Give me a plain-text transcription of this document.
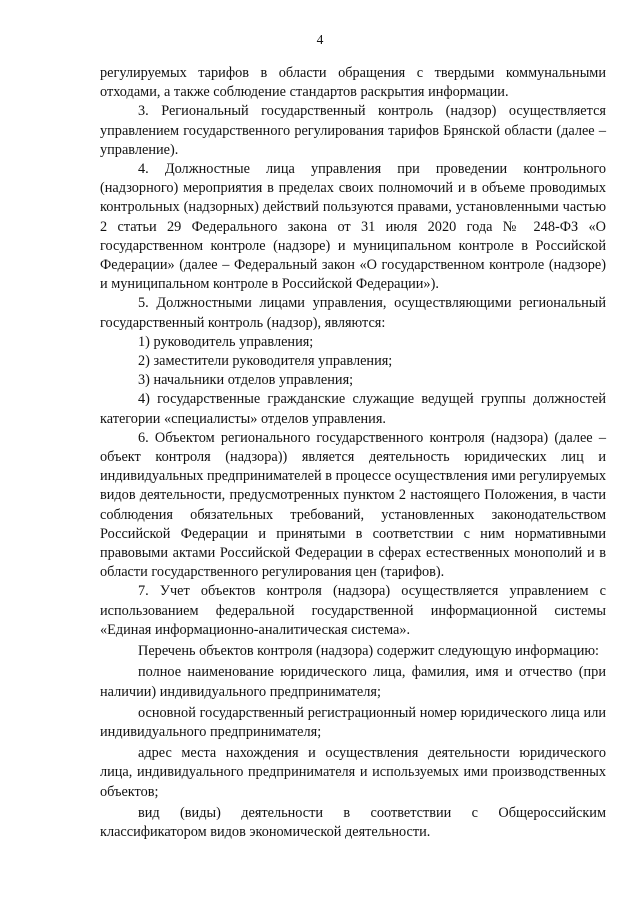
4

регулируемых тарифов в области обращения с твердыми коммунальными отходами, а также соблюдение стандартов раскрытия информации.

3. Региональный государственный контроль (надзор) осуществляется управлением государственного регулирования тарифов Брянской области (далее – управление).

4. Должностные лица управления при проведении контрольного (надзорного) мероприятия в пределах своих полномочий и в объеме проводимых контрольных (надзорных) действий пользуются правами, установленными частью 2 статьи 29 Федерального закона от 31 июля 2020 года № 248-ФЗ «О государственном контроле (надзоре) и муниципальном контроле в Российской Федерации» (далее – Федеральный закон «О государственном контроле (надзоре) и муниципальном контроле в Российской Федерации»).

5. Должностными лицами управления, осуществляющими региональный государственный контроль (надзор), являются:

1) руководитель управления;

2) заместители руководителя управления;

3) начальники отделов управления;

4) государственные гражданские служащие ведущей группы должностей категории «специалисты» отделов управления.

6. Объектом регионального государственного контроля (надзора) (далее – объект контроля (надзора)) является деятельность юридических лиц и индивидуальных предпринимателей в процессе осуществления ими регулируемых видов деятельности, предусмотренных пунктом 2 настоящего Положения, в части соблюдения обязательных требований, установленных законодательством Российской Федерации и принятыми в соответствии с ним нормативными правовыми актами Российской Федерации в сферах естественных монополий и в области государственного регулирования цен (тарифов).

7. Учет объектов контроля (надзора) осуществляется управлением с использованием федеральной государственной информационной системы «Единая информационно-аналитическая система».

Перечень объектов контроля (надзора) содержит следующую информацию:

полное наименование юридического лица, фамилия, имя и отчество (при наличии) индивидуального предпринимателя;

основной государственный регистрационный номер юридического лица или индивидуального предпринимателя;

адрес места нахождения и осуществления деятельности юридического лица, индивидуального предпринимателя и используемых ими производственных объектов;

вид (виды) деятельности в соответствии с Общероссийским классификатором видов экономической деятельности.
